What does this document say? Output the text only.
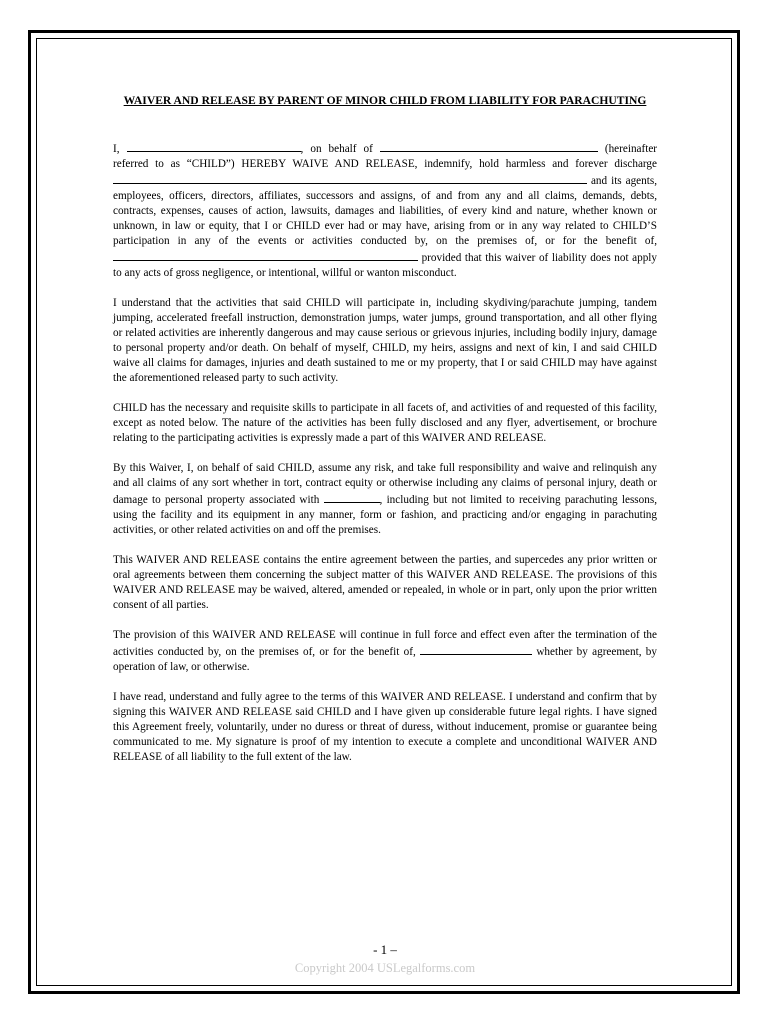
WAIVER AND RELEASE BY PARENT OF MINOR CHILD FROM LIABILITY FOR PARACHUTING

I,	, on behalf of	(hereinafter referred to as “CHILD”) HEREBY WAIVE AND RELEASE, indemnify, hold harmless and forever discharge  and its agents, employees, officers, directors, affiliates, successors and assigns, of and from any and all claims, demands, debts, contracts, expenses, causes of action, lawsuits, damages and liabilities, of every kind and nature, whether known or unknown, in law or equity, that I or CHILD ever had or may have, arising from or in any way related to CHILD’S participation in any of the events or activities conducted by, on the premises of, or for the benefit of,  provided that this waiver of liability does not apply to any acts of gross negligence, or intentional, willful or wanton misconduct.

I understand that the activities that said CHILD will participate in, including skydiving/parachute jumping, tandem jumping, accelerated freefall instruction, demonstration jumps, water jumps, ground transportation, and all other flying or related activities are inherently dangerous and may cause serious or grievous injuries, including bodily injury, damage to personal property and/or death. On behalf of myself, CHILD, my heirs, assigns and next of kin, I and said CHILD waive all claims for damages, injuries and death sustained to me or my property, that I or said CHILD may have against the aforementioned released party to such activity.

CHILD has the necessary and requisite skills to participate in all facets of, and activities of and requested of this facility, except as noted below. The nature of the activities has been fully disclosed and any flyer, advertisement, or brochure relating to the participating activities is expressly made a part of this WAIVER AND RELEASE.

By this Waiver, I, on behalf of said CHILD, assume any risk, and take full responsibility and waive and relinquish any and all claims of any sort whether in tort, contract equity or otherwise including any claims of personal injury, death or damage to personal property associated with	, including but not limited to receiving parachuting lessons, using the facility and its equipment in any manner, form or fashion, and practicing and/or engaging in parachuting activities, or other related activities on and off the premises.

This WAIVER AND RELEASE contains the entire agreement between the parties, and supercedes any prior written or oral agreements between them concerning the subject matter of this WAIVER AND RELEASE. The provisions of this WAIVER AND RELEASE may be waived, altered, amended or repealed, in whole or in part, only upon the prior written consent of all parties.

The provision of this WAIVER AND RELEASE will continue in full force and effect even after the termination of the activities conducted by, on the premises of, or for the benefit of,	whether by agreement, by operation of law, or otherwise.

I have read, understand and fully agree to the terms of this WAIVER AND RELEASE. I understand and confirm that by signing this WAIVER AND RELEASE said CHILD and I have given up considerable future legal rights. I have signed this Agreement freely, voluntarily, under no duress or threat of duress, without inducement, promise or guarantee being communicated to me. My signature is proof of my intention to execute a complete and unconditional WAIVER AND RELEASE of all liability to the full extent of the law.

- 1 –
Copyright 2004 USLegalforms.com
